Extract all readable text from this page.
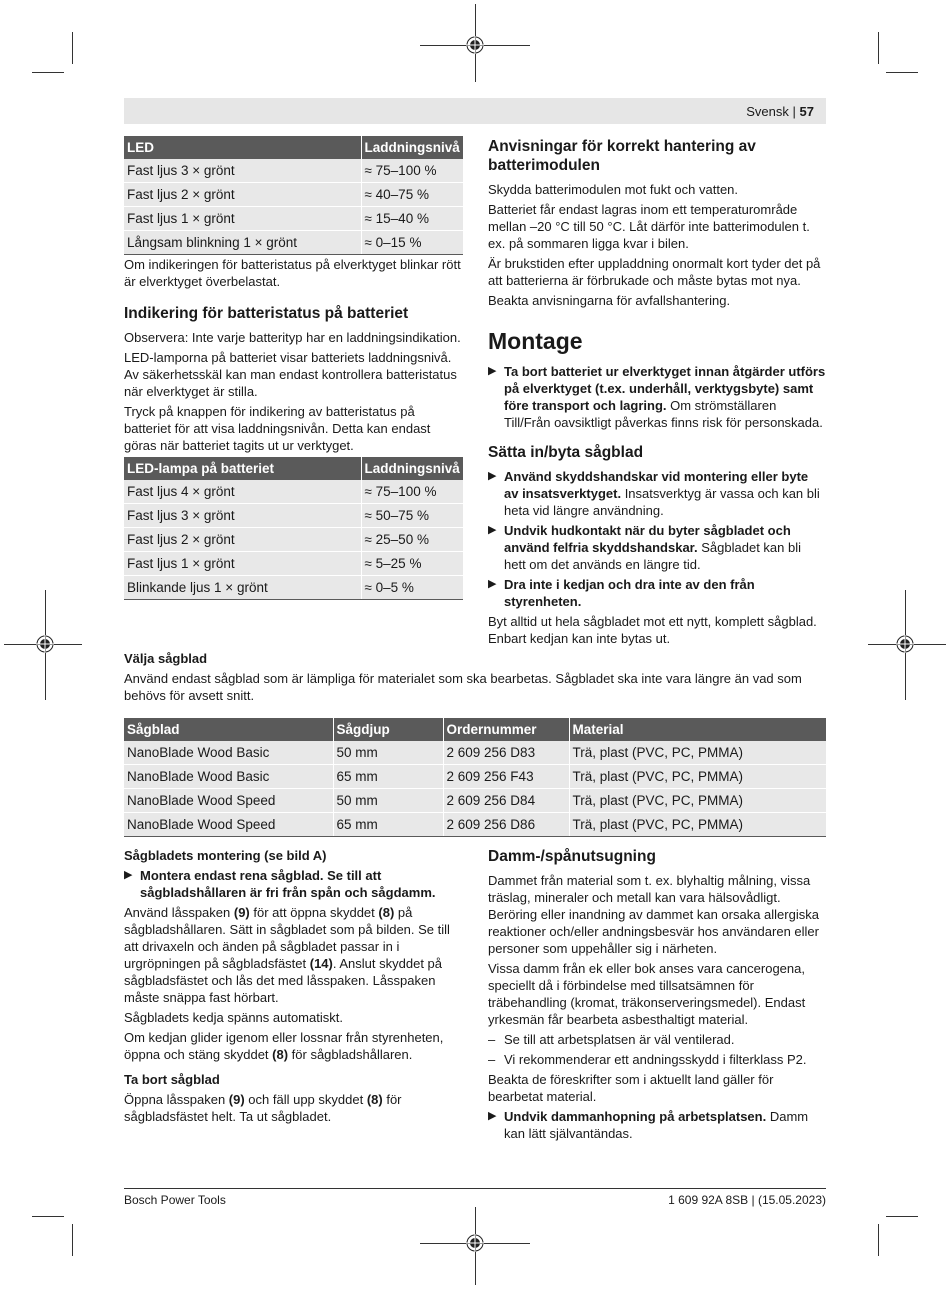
Svensk | 57
LED	Laddningsnivå
Fast ljus 3 × grönt	≈ 75–100 %
Fast ljus 2 × grönt	≈ 40–75 %
Fast ljus 1 × grönt	≈ 15–40 %
Långsam blinkning 1 × grönt	≈ 0–15 %

Om indikeringen för batteristatus på elverktyget blinkar rött är elverktyget överbelastat.

Indikering för batteristatus på batteriet

Observera: Inte varje batterityp har en laddningsindikation.

LED-lamporna på batteriet visar batteriets laddningsnivå. Av säkerhetsskäl kan man endast kontrollera batteristatus när elverktyget är stilla.

Tryck på knappen för indikering av batteristatus på batteriet för att visa laddningsnivån. Detta kan endast göras när batteriet tagits ut ur verktyget.

LED-lampa på batteriet	Laddningsnivå
Fast ljus 4 × grönt	≈ 75–100 %
Fast ljus 3 × grönt	≈ 50–75 %
Fast ljus 2 × grönt	≈ 25–50 %
Fast ljus 1 × grönt	≈ 5–25 %
Blinkande ljus 1 × grönt	≈ 0–5 %
Anvisningar för korrekt hantering av batterimodulen

Skydda batterimodulen mot fukt och vatten.

Batteriet får endast lagras inom ett temperaturområde mellan –20 °C till 50 °C. Låt därför inte batterimodulen t. ex. på sommaren ligga kvar i bilen.

Är brukstiden efter uppladdning onormalt kort tyder det på att batterierna är förbrukade och måste bytas mot nya.

Beakta anvisningarna för avfallshantering.

Montage
▶ Ta bort batteriet ur elverktyget innan åtgärder utförs på elverktyget (t.ex. underhåll, verktygsbyte) samt före transport och lagring. Om strömställaren Till/Från oavsiktligt påverkas finns risk för personskada.
Sätta in/byta sågblad
▶ Använd skyddshandskar vid montering eller byte av insatsverktyget. Insatsverktyg är vassa och kan bli heta vid längre användning.
▶ Undvik hudkontakt när du byter sågbladet och använd felfria skyddshandskar. Sågbladet kan bli hett om det används en längre tid.
▶ Dra inte i kedjan och dra inte av den från styrenheten.

Byt alltid ut hela sågbladet mot ett nytt, komplett sågblad. Enbart kedjan kan inte bytas ut.

Välja sågblad

Använd endast sågblad som är lämpliga för materialet som ska bearbetas. Sågbladet ska inte vara längre än vad som behövs för avsett snitt.

Sågblad	Sågdjup	Ordernummer	Material
NanoBlade Wood Basic	50 mm	2 609 256 D83	Trä, plast (PVC, PC, PMMA)
NanoBlade Wood Basic	65 mm	2 609 256 F43	Trä, plast (PVC, PC, PMMA)
NanoBlade Wood Speed	50 mm	2 609 256 D84	Trä, plast (PVC, PC, PMMA)
NanoBlade Wood Speed	65 mm	2 609 256 D86	Trä, plast (PVC, PC, PMMA)
Sågbladets montering (se bild A)
▶ Montera endast rena sågblad. Se till att sågbladshållaren är fri från spån och sågdamm.

Använd låsspaken (9) för att öppna skyddet (8) på sågbladshållaren. Sätt in sågbladet som på bilden. Se till att drivaxeln och änden på sågbladet passar in i urgröpningen på sågbladsfästet (14). Anslut skyddet på sågbladsfästet och lås det med låsspaken. Låsspaken måste snäppa fast hörbart.

Sågbladets kedja spänns automatiskt.

Om kedjan glider igenom eller lossnar från styrenheten, öppna och stäng skyddet (8) för sågbladshållaren.

Ta bort sågblad

Öppna låsspaken (9) och fäll upp skyddet (8) för sågbladsfästet helt. Ta ut sågbladet.

Damm-/spånutsugning

Dammet från material som t. ex. blyhaltig målning, vissa träslag, mineraler och metall kan vara hälsovådligt. Beröring eller inandning av dammet kan orsaka allergiska reaktioner och/eller andningsbesvär hos användaren eller personer som uppehåller sig i närheten.

Vissa damm från ek eller bok anses vara cancerogena, speciellt då i förbindelse med tillsatsämnen för träbehandling (kromat, träkonserveringsmedel). Endast yrkesmän får bearbeta asbesthaltigt material.

– Se till att arbetsplatsen är väl ventilerad.
– Vi rekommenderar ett andningsskydd i filterklass P2.

Beakta de föreskrifter som i aktuellt land gäller för bearbetat material.

▶ Undvik dammanhopning på arbetsplatsen. Damm kan lätt självantändas.
Bosch Power Tools	1 609 92A 8SB | (15.05.2023)
